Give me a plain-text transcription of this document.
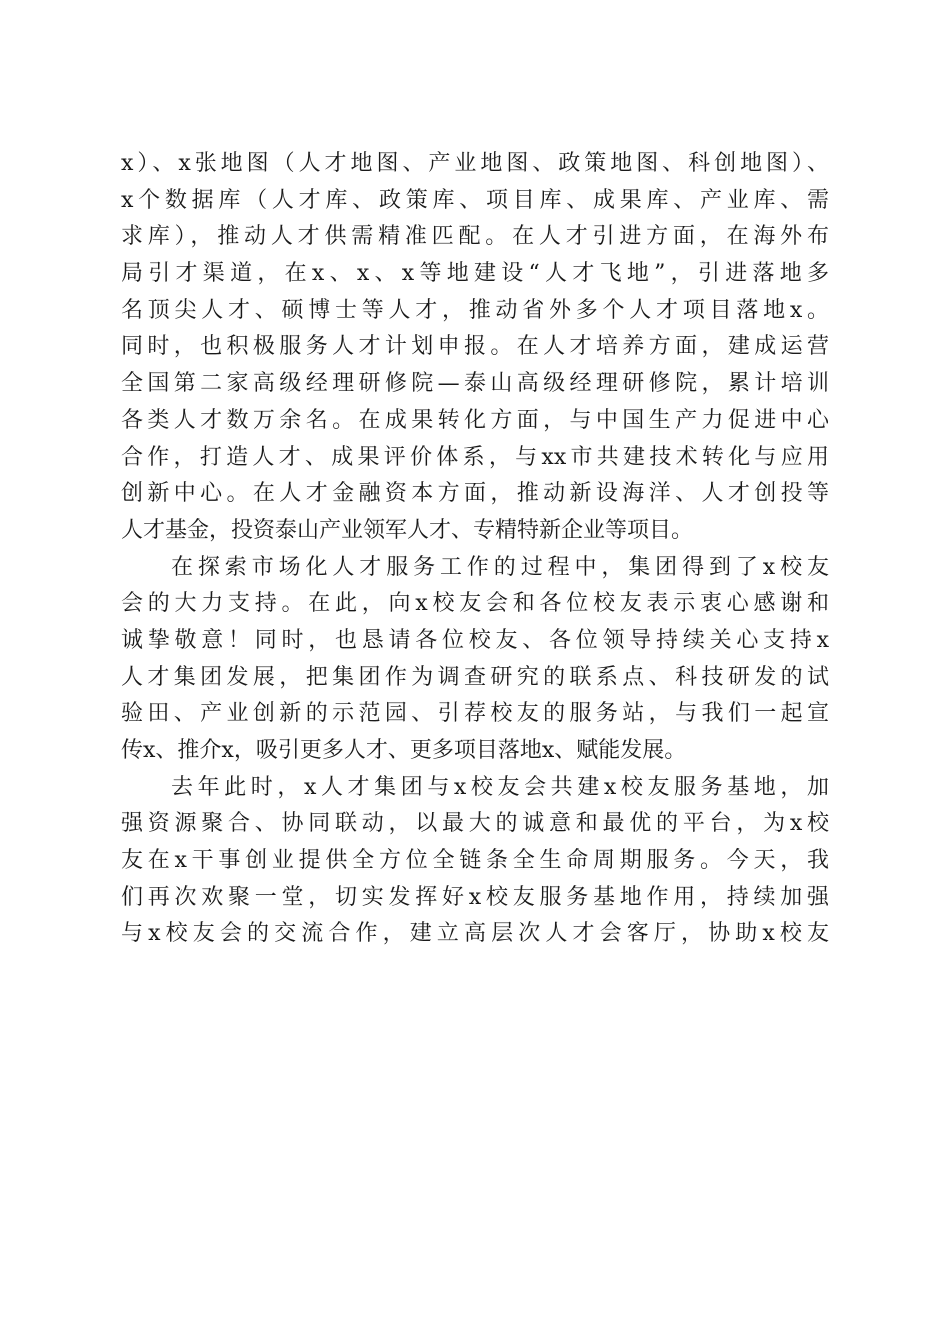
x）、x张地图（人才地图、产业地图、政策地图、科创地图）、
x个数据库（人才库、政策库、项目库、成果库、产业库、需
求库），推动人才供需精准匹配。在人才引进方面，在海外布
局引才渠道，在x、x、x等地建设“人才飞地”，引进落地多
名顶尖人才、硕博士等人才，推动省外多个人才项目落地x。
同时，也积极服务人才计划申报。在人才培养方面，建成运营
全国第二家高级经理研修院—泰山高级经理研修院，累计培训
各类人才数万余名。在成果转化方面，与中国生产力促进中心
合作，打造人才、成果评价体系，与xx市共建技术转化与应用
创新中心。在人才金融资本方面，推动新设海洋、人才创投等
人才基金，投资泰山产业领军人才、专精特新企业等项目。
在探索市场化人才服务工作的过程中，集团得到了x校友
会的大力支持。在此，向x校友会和各位校友表示衷心感谢和
诚挚敬意！同时，也恳请各位校友、各位领导持续关心支持x
人才集团发展，把集团作为调查研究的联系点、科技研发的试
验田、产业创新的示范园、引荐校友的服务站，与我们一起宣
传x、推介x，吸引更多人才、更多项目落地x、赋能发展。
去年此时，x人才集团与x校友会共建x校友服务基地，加
强资源聚合、协同联动，以最大的诚意和最优的平台，为x校
友在x干事创业提供全方位全链条全生命周期服务。今天，我
们再次欢聚一堂，切实发挥好x校友服务基地作用，持续加强
与x校友会的交流合作，建立高层次人才会客厅，协助x校友
